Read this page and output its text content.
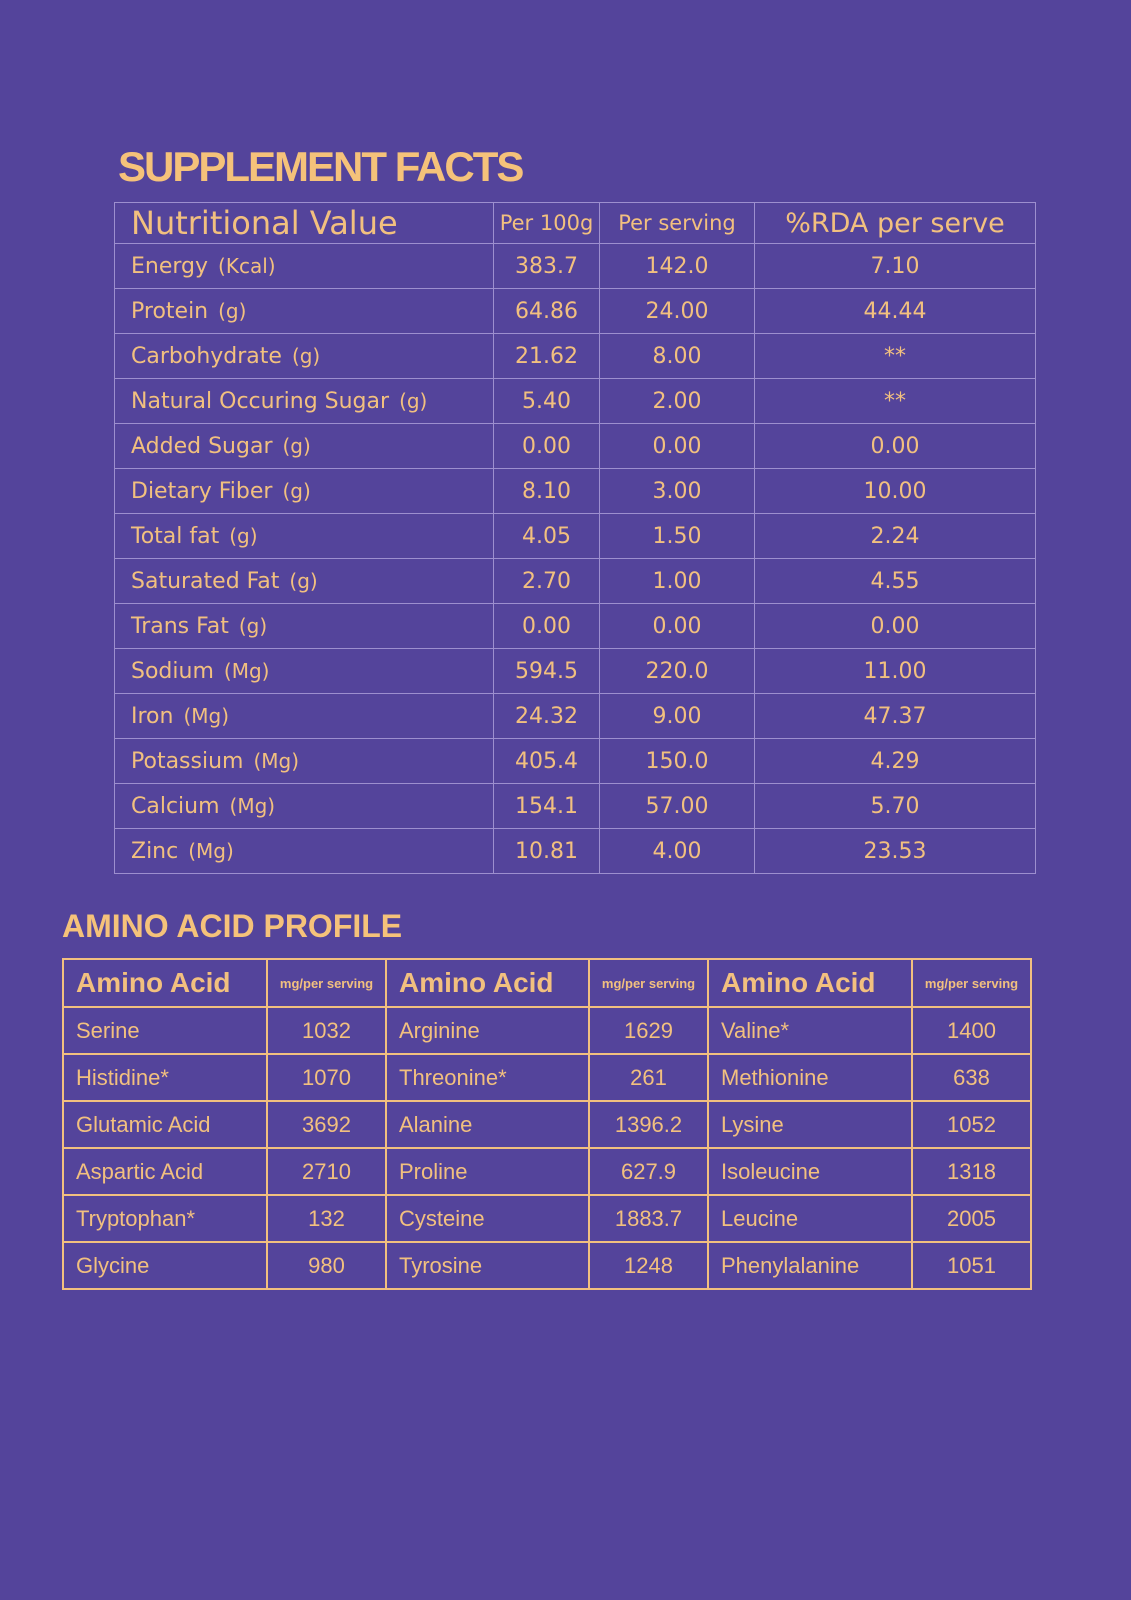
SUPPLEMENT FACTS
Nutritional Value	Per 100g	Per serving	%RDA per serve
Energy (Kcal)	383.7	142.0	7.10
Protein (g)	64.86	24.00	44.44
Carbohydrate (g)	21.62	8.00	**
Natural Occuring Sugar (g)	5.40	2.00	**
Added Sugar (g)	0.00	0.00	0.00
Dietary Fiber (g)	8.10	3.00	10.00
Total fat (g)	4.05	1.50	2.24
Saturated Fat (g)	2.70	1.00	4.55
Trans Fat (g)	0.00	0.00	0.00
Sodium (Mg)	594.5	220.0	11.00
Iron (Mg)	24.32	9.00	47.37
Potassium (Mg)	405.4	150.0	4.29
Calcium (Mg)	154.1	57.00	5.70
Zinc (Mg)	10.81	4.00	23.53
AMINO ACID PROFILE
Amino Acid	mg/per serving	Amino Acid	mg/per serving	Amino Acid	mg/per serving
Serine	1032	Arginine	1629	Valine*	1400
Histidine*	1070	Threonine*	261	Methionine	638
Glutamic Acid	3692	Alanine	1396.2	Lysine	1052
Aspartic Acid	2710	Proline	627.9	Isoleucine	1318
Tryptophan*	132	Cysteine	1883.7	Leucine	2005
Glycine	980	Tyrosine	1248	Phenylalanine	1051
